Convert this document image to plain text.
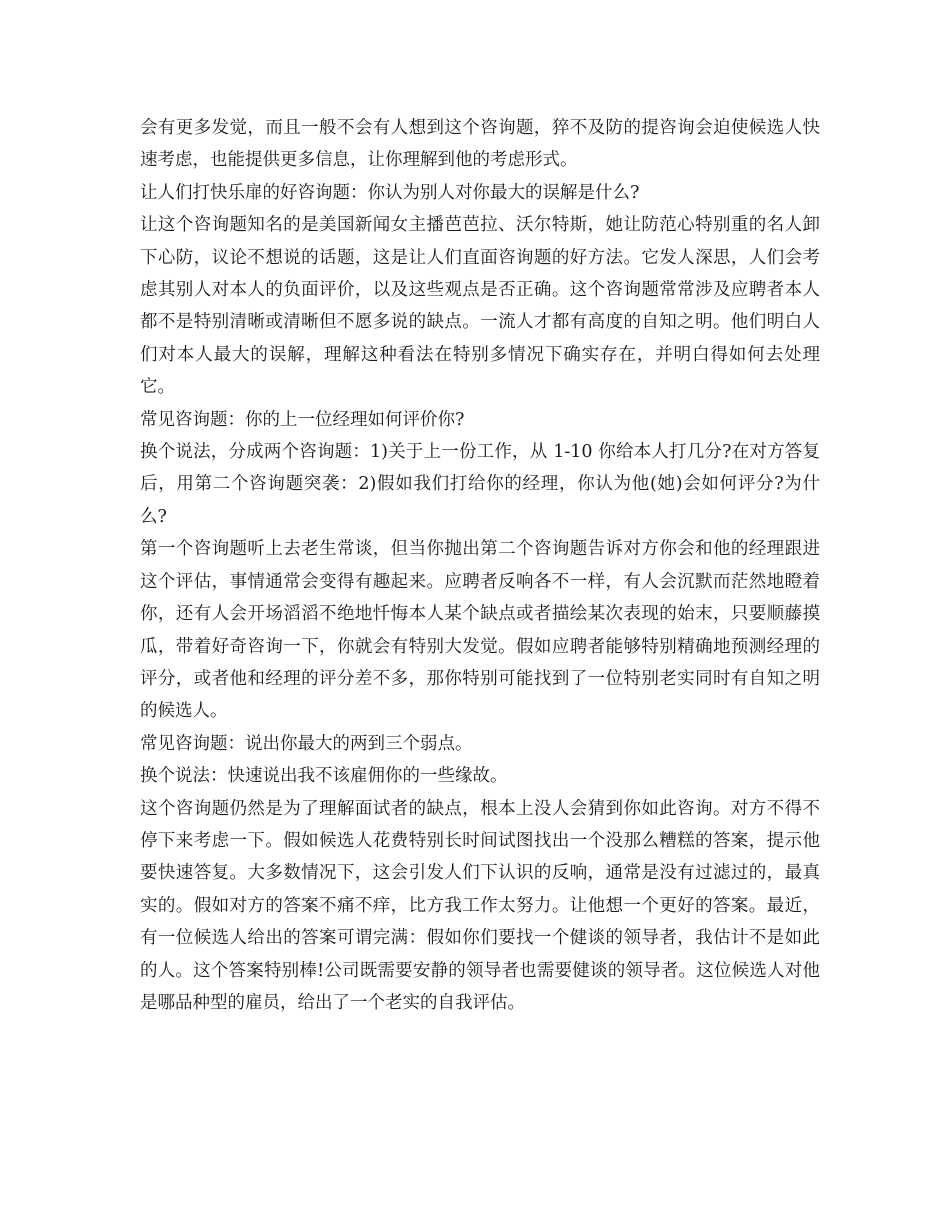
会有更多发觉，而且一般不会有人想到这个咨询题，猝不及防的提咨询会迫使候选人快速考虑，也能提供更多信息，让你理解到他的考虑形式。

让人们打快乐扉的好咨询题：你认为别人对你最大的误解是什么?

让这个咨询题知名的是美国新闻女主播芭芭拉、沃尔特斯，她让防范心特别重的名人卸下心防，议论不想说的话题，这是让人们直面咨询题的好方法。它发人深思，人们会考虑其别人对本人的负面评价，以及这些观点是否正确。这个咨询题常常涉及应聘者本人都不是特别清晰或清晰但不愿多说的缺点。一流人才都有高度的自知之明。他们明白人们对本人最大的误解，理解这种看法在特别多情况下确实存在，并明白得如何去处理它。

常见咨询题：你的上一位经理如何评价你?

换个说法，分成两个咨询题：1)关于上一份工作，从 1-10 你给本人打几分?在对方答复后，用第二个咨询题突袭：2)假如我们打给你的经理，你认为他(她)会如何评分?为什么?

第一个咨询题听上去老生常谈，但当你抛出第二个咨询题告诉对方你会和他的经理跟进这个评估，事情通常会变得有趣起来。应聘者反响各不一样，有人会沉默而茫然地瞪着你，还有人会开场滔滔不绝地忏悔本人某个缺点或者描绘某次表现的始末，只要顺藤摸瓜，带着好奇咨询一下，你就会有特别大发觉。假如应聘者能够特别精确地预测经理的评分，或者他和经理的评分差不多，那你特别可能找到了一位特别老实同时有自知之明的候选人。

常见咨询题：说出你最大的两到三个弱点。

换个说法：快速说出我不该雇佣你的一些缘故。

这个咨询题仍然是为了理解面试者的缺点，根本上没人会猜到你如此咨询。对方不得不停下来考虑一下。假如候选人花费特别长时间试图找出一个没那么糟糕的答案，提示他要快速答复。大多数情况下，这会引发人们下认识的反响，通常是没有过滤过的，最真实的。假如对方的答案不痛不痒，比方我工作太努力。让他想一个更好的答案。最近，有一位候选人给出的答案可谓完满：假如你们要找一个健谈的领导者，我估计不是如此的人。这个答案特别棒!公司既需要安静的领导者也需要健谈的领导者。这位候选人对他是哪品种型的雇员，给出了一个老实的自我评估。
